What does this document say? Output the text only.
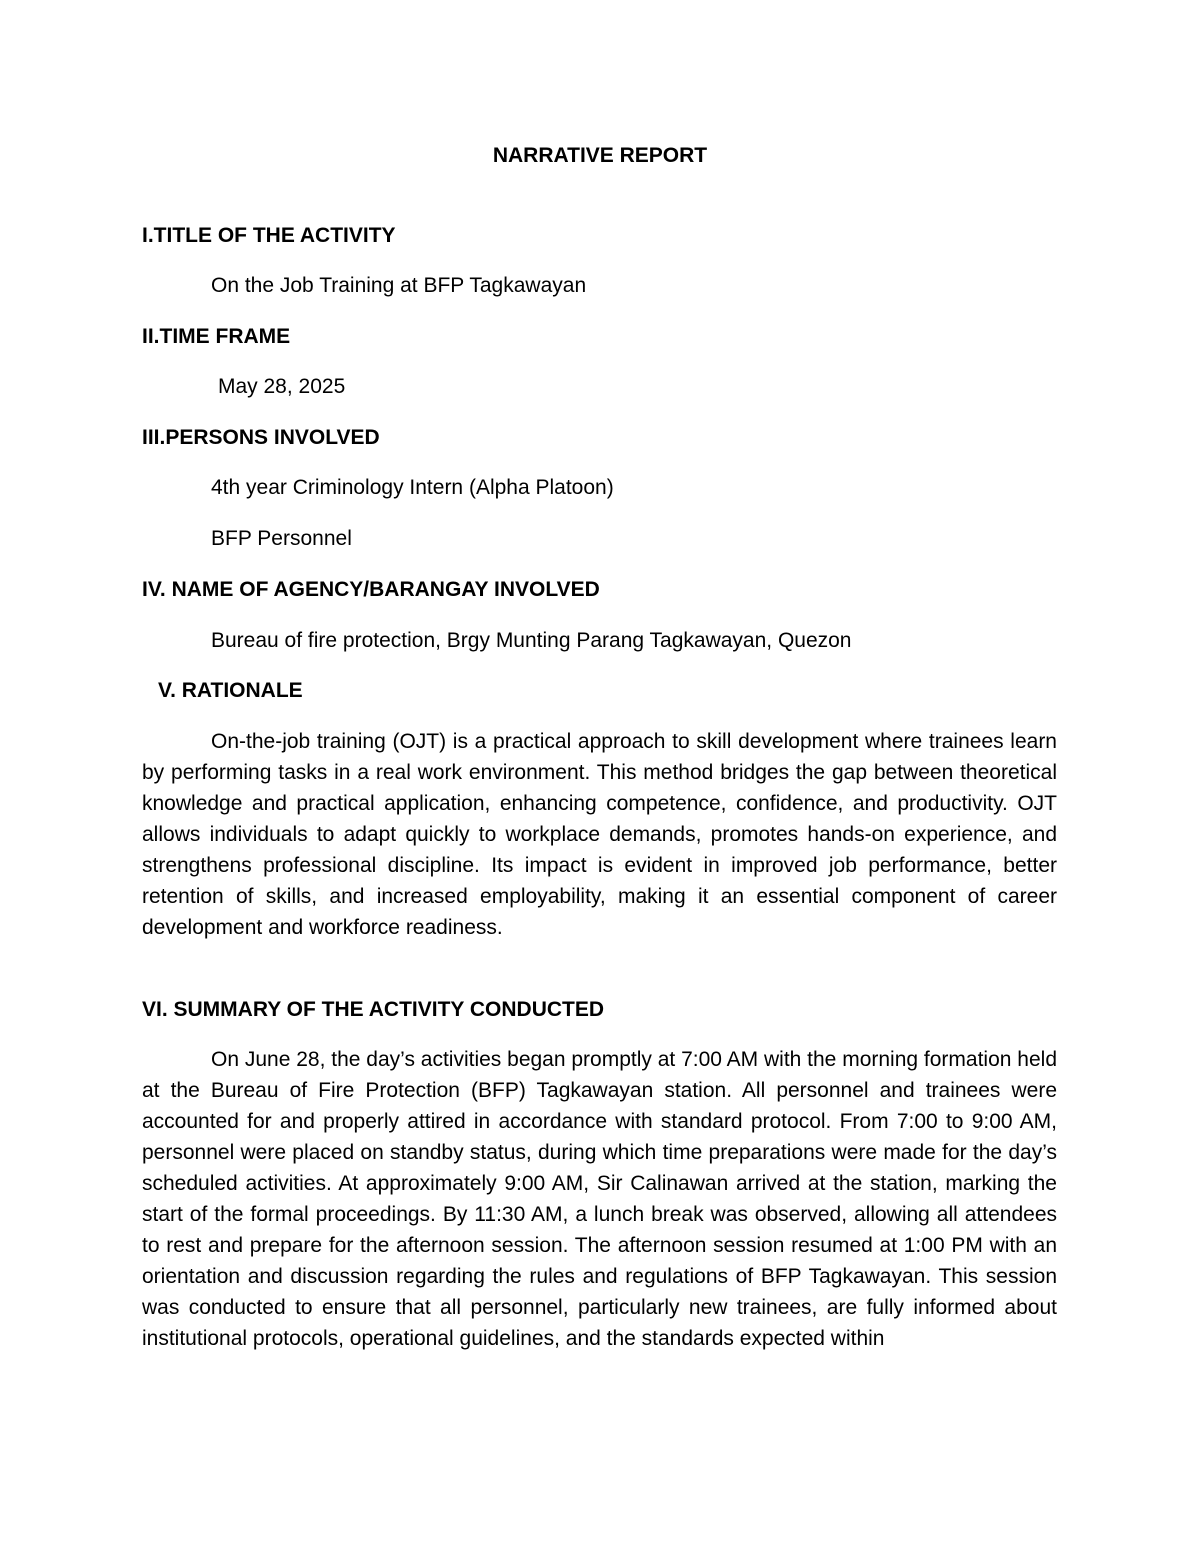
NARRATIVE REPORT
I.TITLE OF THE ACTIVITY

On the Job Training at BFP Tagkawayan

II.TIME FRAME

May 28, 2025

III.PERSONS INVOLVED

4th year Criminology Intern (Alpha Platoon)

BFP Personnel

IV. NAME OF AGENCY/BARANGAY INVOLVED

Bureau of fire protection, Brgy Munting Parang Tagkawayan, Quezon

V. RATIONALE

On-the-job training (OJT) is a practical approach to skill development where trainees learn by performing tasks in a real work environment. This method bridges the gap between theoretical knowledge and practical application, enhancing competence, confidence, and productivity. OJT allows individuals to adapt quickly to workplace demands, promotes hands-on experience, and strengthens professional discipline. Its impact is evident in improved job performance, better retention of skills, and increased employability, making it an essential component of career development and workforce readiness.

VI. SUMMARY OF THE ACTIVITY CONDUCTED

On June 28, the day’s activities began promptly at 7:00 AM with the morning formation held at the Bureau of Fire Protection (BFP) Tagkawayan station. All personnel and trainees were accounted for and properly attired in accordance with standard protocol. From 7:00 to 9:00 AM, personnel were placed on standby status, during which time preparations were made for the day’s scheduled activities. At approximately 9:00 AM, Sir Calinawan arrived at the station, marking the start of the formal proceedings. By 11:30 AM, a lunch break was observed, allowing all attendees to rest and prepare for the afternoon session. The afternoon session resumed at 1:00 PM with an orientation and discussion regarding the rules and regulations of BFP Tagkawayan. This session was conducted to ensure that all personnel, particularly new trainees, are fully informed about institutional protocols, operational guidelines, and the standards expected within
